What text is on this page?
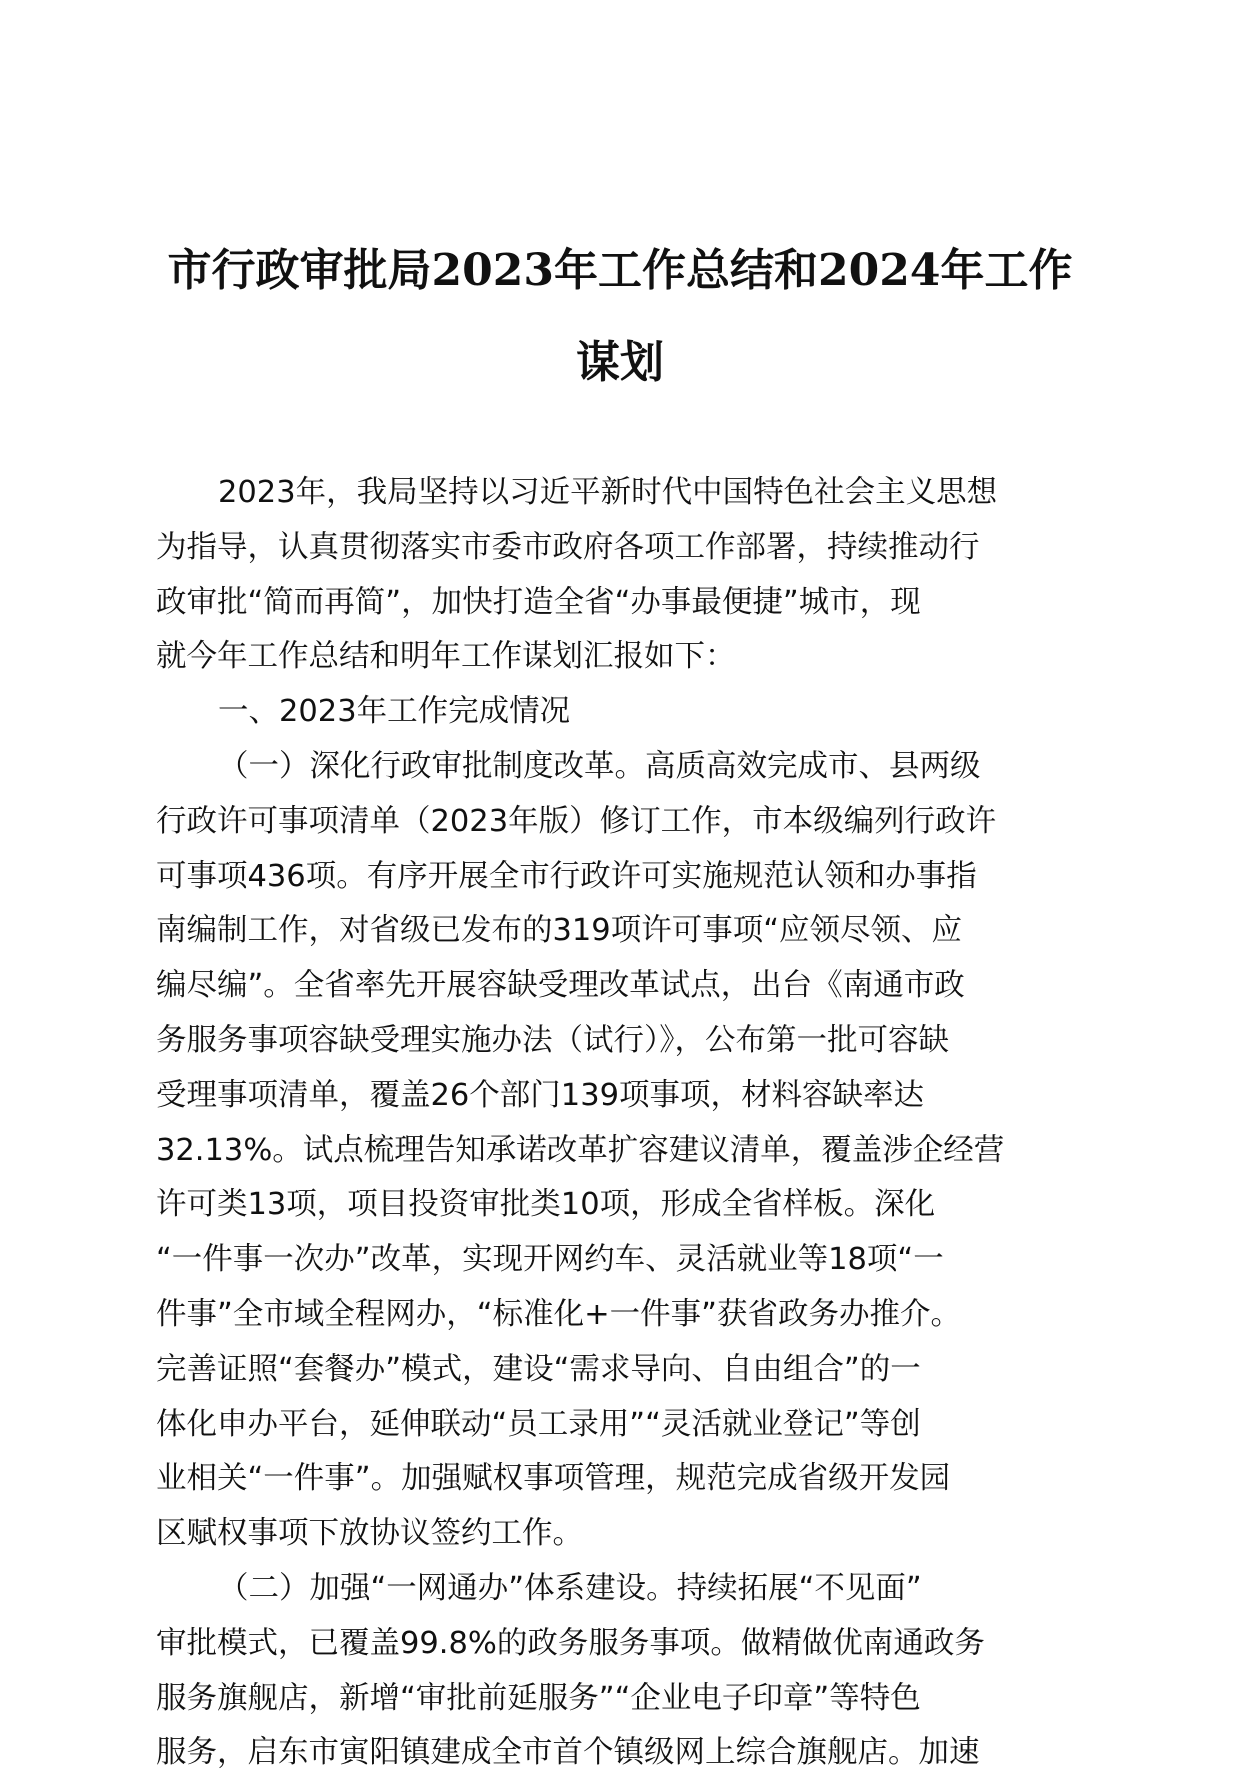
市行政审批局2023年工作总结和2024年工作
谋划
2023年，我局坚持以习近平新时代中国特色社会主义思想
为指导，认真贯彻落实市委市政府各项工作部署，持续推动行
政审批“简而再简”，加快打造全省“办事最便捷”城市，现
就今年工作总结和明年工作谋划汇报如下：
一、2023年工作完成情况
（一）深化行政审批制度改革。高质高效完成市、县两级
行政许可事项清单（2023年版）修订工作，市本级编列行政许
可事项436项。有序开展全市行政许可实施规范认领和办事指
南编制工作，对省级已发布的319项许可事项“应领尽领、应
编尽编”。全省率先开展容缺受理改革试点，出台《南通市政
务服务事项容缺受理实施办法（试行）》，公布第一批可容缺
受理事项清单，覆盖26个部门139项事项，材料容缺率达
32.13%。试点梳理告知承诺改革扩容建议清单，覆盖涉企经营
许可类13项，项目投资审批类10项，形成全省样板。深化
“一件事一次办”改革，实现开网约车、灵活就业等18项“一
件事”全市域全程网办，“标准化+一件事”获省政务办推介。
完善证照“套餐办”模式，建设“需求导向、自由组合”的一
体化申办平台，延伸联动“员工录用”“灵活就业登记”等创
业相关“一件事”。加强赋权事项管理，规范完成省级开发园
区赋权事项下放协议签约工作。
（二）加强“一网通办”体系建设。持续拓展“不见面”
审批模式，已覆盖99.8%的政务服务事项。做精做优南通政务
服务旗舰店，新增“审批前延服务”“企业电子印章”等特色
服务，启东市寅阳镇建成全市首个镇级网上综合旗舰店。加速
